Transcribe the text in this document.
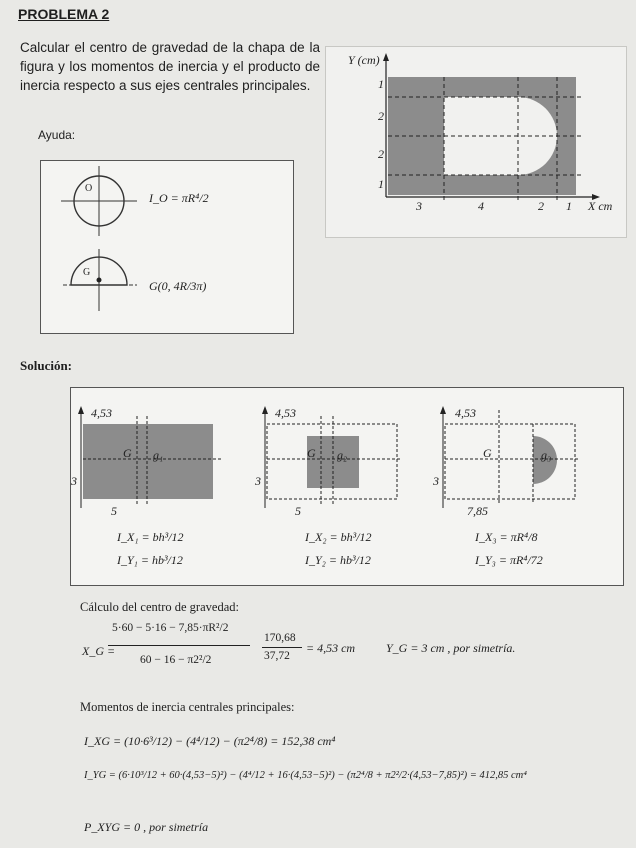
PROBLEMA 2
Calcular el centro de gravedad de la chapa de la figura y los momentos de inercia y el producto de inercia respecto a sus ejes centrales principales.
Ayuda:
O
I_O = πR⁴/2
G
G(0, 4R/3π)
Y (cm)
X cm
1
2
2
1
3	4	2 1
Solución:
4,53
3
5
G g₁
I_X₁ = bh³/12
I_Y₁ = hb³/12
4,53
3
5
G g₂
I_X₂ = bh³/12
I_Y₂ = hb³/12
4,53
3
7,85
G	g₃
I_X₃ = πR⁴/8
I_Y₃ = πR⁴/72
Cálculo del centro de gravedad:
X_G =
5·60 − 5·16 − 7,85·πR²/2
60 − 16 − π2²/2
170,68
37,72
= 4,53 cm	Y_G = 3 cm , por simetría.
Momentos de inercia centrales principales:
I_XG = (10·6³/12) − (4⁴/12) − (π2⁴/8) = 152,38 cm⁴
I_YG = (6·10³/12 + 60·(4,53−5)²) − (4⁴/12 + 16·(4,53−5)²) − (π2⁴/8 + π2²/2·(4,53−7,85)²) = 412,85 cm⁴
P_XYG = 0 , por simetría
